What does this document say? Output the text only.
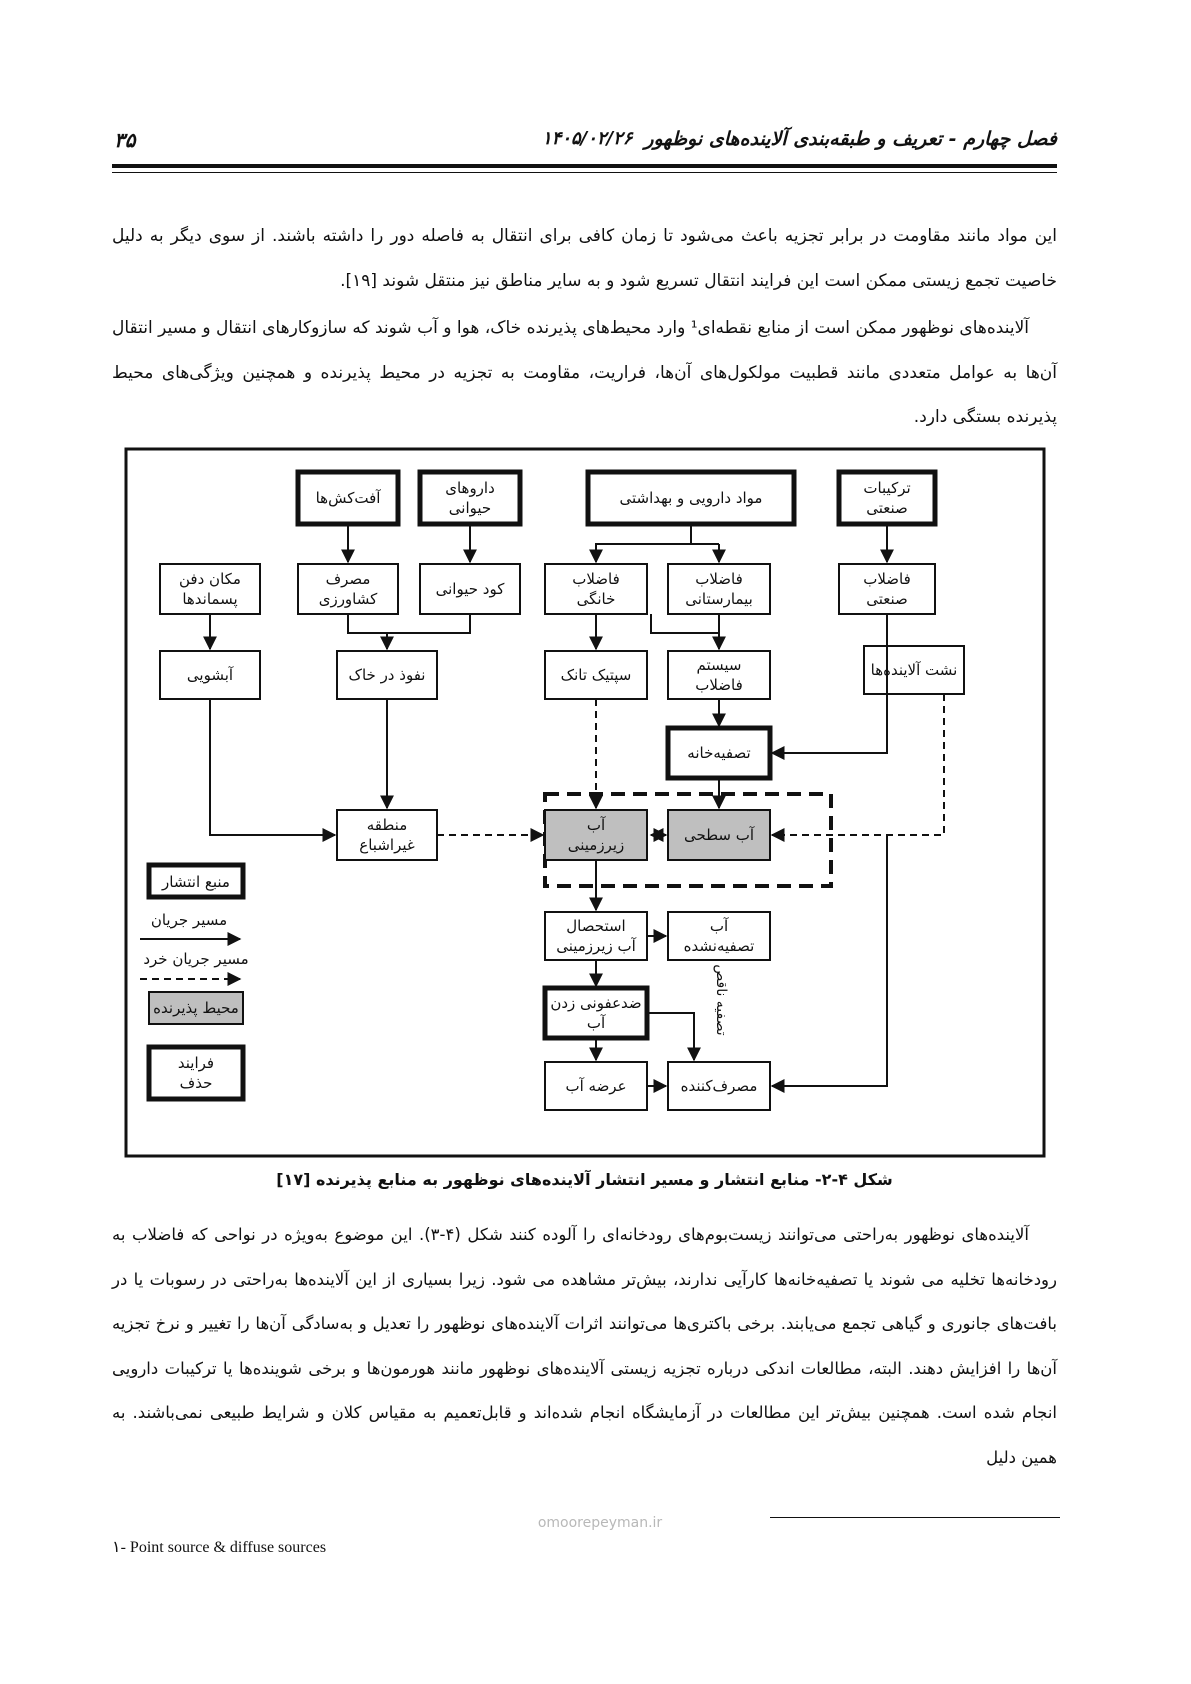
فصل چهارم - تعریف و طبقه‌بندی آلاینده‌های نوظهور
۱۴۰۵/۰۲/۲۶
۳۵

این مواد مانند مقاومت در برابر تجزیه باعث می‌شود تا زمان کافی برای انتقال به فاصله دور را داشته باشند. از سوی دیگر به دلیل خاصیت تجمع زیستی ممکن است این فرایند انتقال تسریع شود و به سایر مناطق نیز منتقل شوند [۱۹].

آلاینده‌های نوظهور ممکن است از منابع نقطه‌ای¹ وارد محیط‌های پذیرنده خاک، هوا و آب شوند که سازوکارهای انتقال و مسیر انتقال آن‌ها به عوامل متعددی مانند قطبیت مولکول‌های آن‌ها، فراریت، مقاومت به تجزیه در محیط پذیرنده و همچنین ویژگی‌های محیط پذیرنده بستگی دارد.

آفت‌کش‌ها
داروهای
حیوانی
مواد دارویی و بهداشتی
ترکیبات
صنعتی
مکان دفن
پسماندها
مصرف
کشاورزی
کود حیوانی
فاضلاب
خانگی
فاضلاب
بیمارستانی
فاضلاب
صنعتی
آبشویی	نفوذ در خاک	سپتیک تانک
سیستم
فاضلاب
نشت آلاینده‌ها
تصفیه‌خانه
منطقه
غیراشباع
آب
زیرزمینی
آب سطحی
استحصال
آب زیرزمینی
آب
تصفیه‌نشده
ضدعفونی زدن
آب
عرضه آب	مصرف‌کننده
تصفیه ناقص
منبع انتشار
مسیر جریان
مسیر جریان خرد
محیط پذیرنده
فرایند
حذف
شکل ۴-۲- منابع انتشار و مسیر انتشار آلاینده‌های نوظهور به منابع پذیرنده [۱۷]

آلاینده‌های نوظهور به‌راحتی می‌توانند زیست‌بوم‌های رودخانه‌ای را آلوده کنند شکل (۴-۳). این موضوع به‌ویژه در نواحی که فاضلاب به رودخانه‌ها تخلیه می شوند یا تصفیه‌خانه‌ها کارآیی ندارند، بیش‌تر مشاهده می شود. زیرا بسیاری از این آلاینده‌ها به‌راحتی در رسوبات یا در بافت‌های جانوری و گیاهی تجمع می‌یابند. برخی باکتری‌ها می‌توانند اثرات آلاینده‌های نوظهور را تعدیل و به‌سادگی آن‌ها را تغییر و نرخ تجزیه آن‌ها را افزایش دهند. البته، مطالعات اندکی درباره تجزیه زیستی آلاینده‌های نوظهور مانند هورمون‌ها و برخی شوینده‌ها یا ترکیبات دارویی انجام شده است. همچنین بیش‌تر این مطالعات در آزمایشگاه انجام شده‌اند و قابل‌تعمیم به مقیاس کلان و شرایط طبیعی نمی‌باشند. به همین دلیل

۱- Point source & diffuse sources
omoorepeyman.ir
